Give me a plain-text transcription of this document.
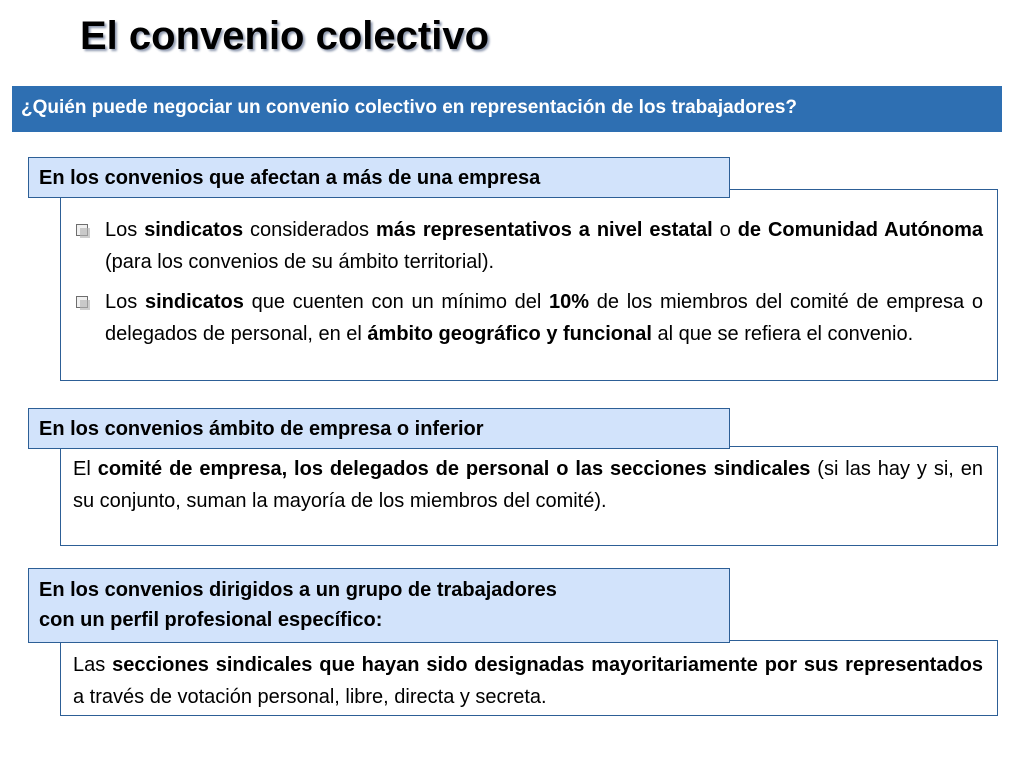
El convenio colectivo
¿Quién puede negociar un convenio colectivo en representación de los trabajadores?
Los sindicatos considerados más representativos a nivel estatal o de Comunidad Autónoma (para los convenios de su ámbito territorial).
Los sindicatos que cuenten con un mínimo del 10% de los miembros del comité de empresa o delegados de personal, en el ámbito geográfico y funcional al que se refiera el convenio.
En los convenios que afectan a más de una empresa
El comité de empresa, los delegados de personal o las secciones sindicales (si las hay y si, en su conjunto, suman la mayoría de los miembros del comité).
En los convenios ámbito de empresa o inferior
Las secciones sindicales que hayan sido designadas mayoritariamente por sus representados a través de votación personal, libre, directa y secreta.
En los convenios dirigidos a un grupo de trabajadores
con un perfil profesional específico:
